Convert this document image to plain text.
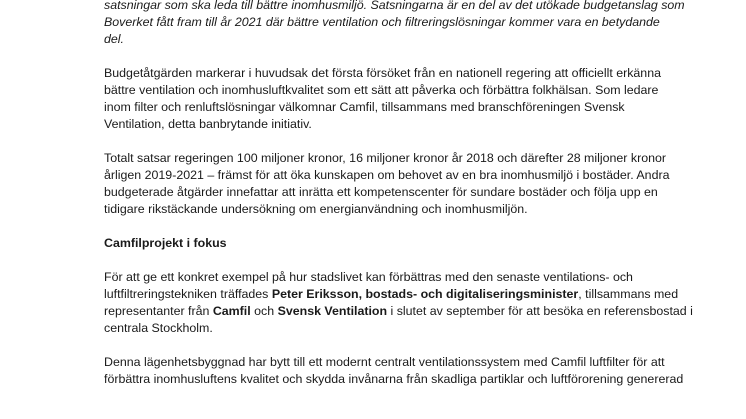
satsningar som ska leda till bättre inomhusmiljö. Satsningarna är en del av det utökade budgetanslag som
Boverket fått fram till år 2021 där bättre ventilation och filtreringslösningar kommer vara en betydande
del.

Budgetåtgärden markerar i huvudsak det första försöket från en nationell regering att officiellt erkänna
bättre ventilation och inomhusluftkvalitet som ett sätt att påverka och förbättra folkhälsan. Som ledare
inom filter och renluftslösningar välkomnar Camfil, tillsammans med branschföreningen Svensk
Ventilation, detta banbrytande initiativ.

Totalt satsar regeringen 100 miljoner kronor, 16 miljoner kronor år 2018 och därefter 28 miljoner kronor
årligen 2019-2021 – främst för att öka kunskapen om behovet av en bra inomhusmiljö i bostäder. Andra
budgeterade åtgärder innefattar att inrätta ett kompetenscenter för sundare bostäder och följa upp en
tidigare rikstäckande undersökning om energianvändning och inomhusmiljön.

Camfilprojekt i fokus

För att ge ett konkret exempel på hur stadslivet kan förbättras med den senaste ventilations- och
luftfiltreringstekniken träffades Peter Eriksson, bostads- och digitaliseringsminister, tillsammans med
representanter från Camfil och Svensk Ventilation i slutet av september för att besöka en referensbostad i
centrala Stockholm.

Denna lägenhetsbyggnad har bytt till ett modernt centralt ventilationssystem med Camfil luftfilter för att
förbättra inomhusluftens kvalitet och skydda invånarna från skadliga partiklar och luftförorening genererad
